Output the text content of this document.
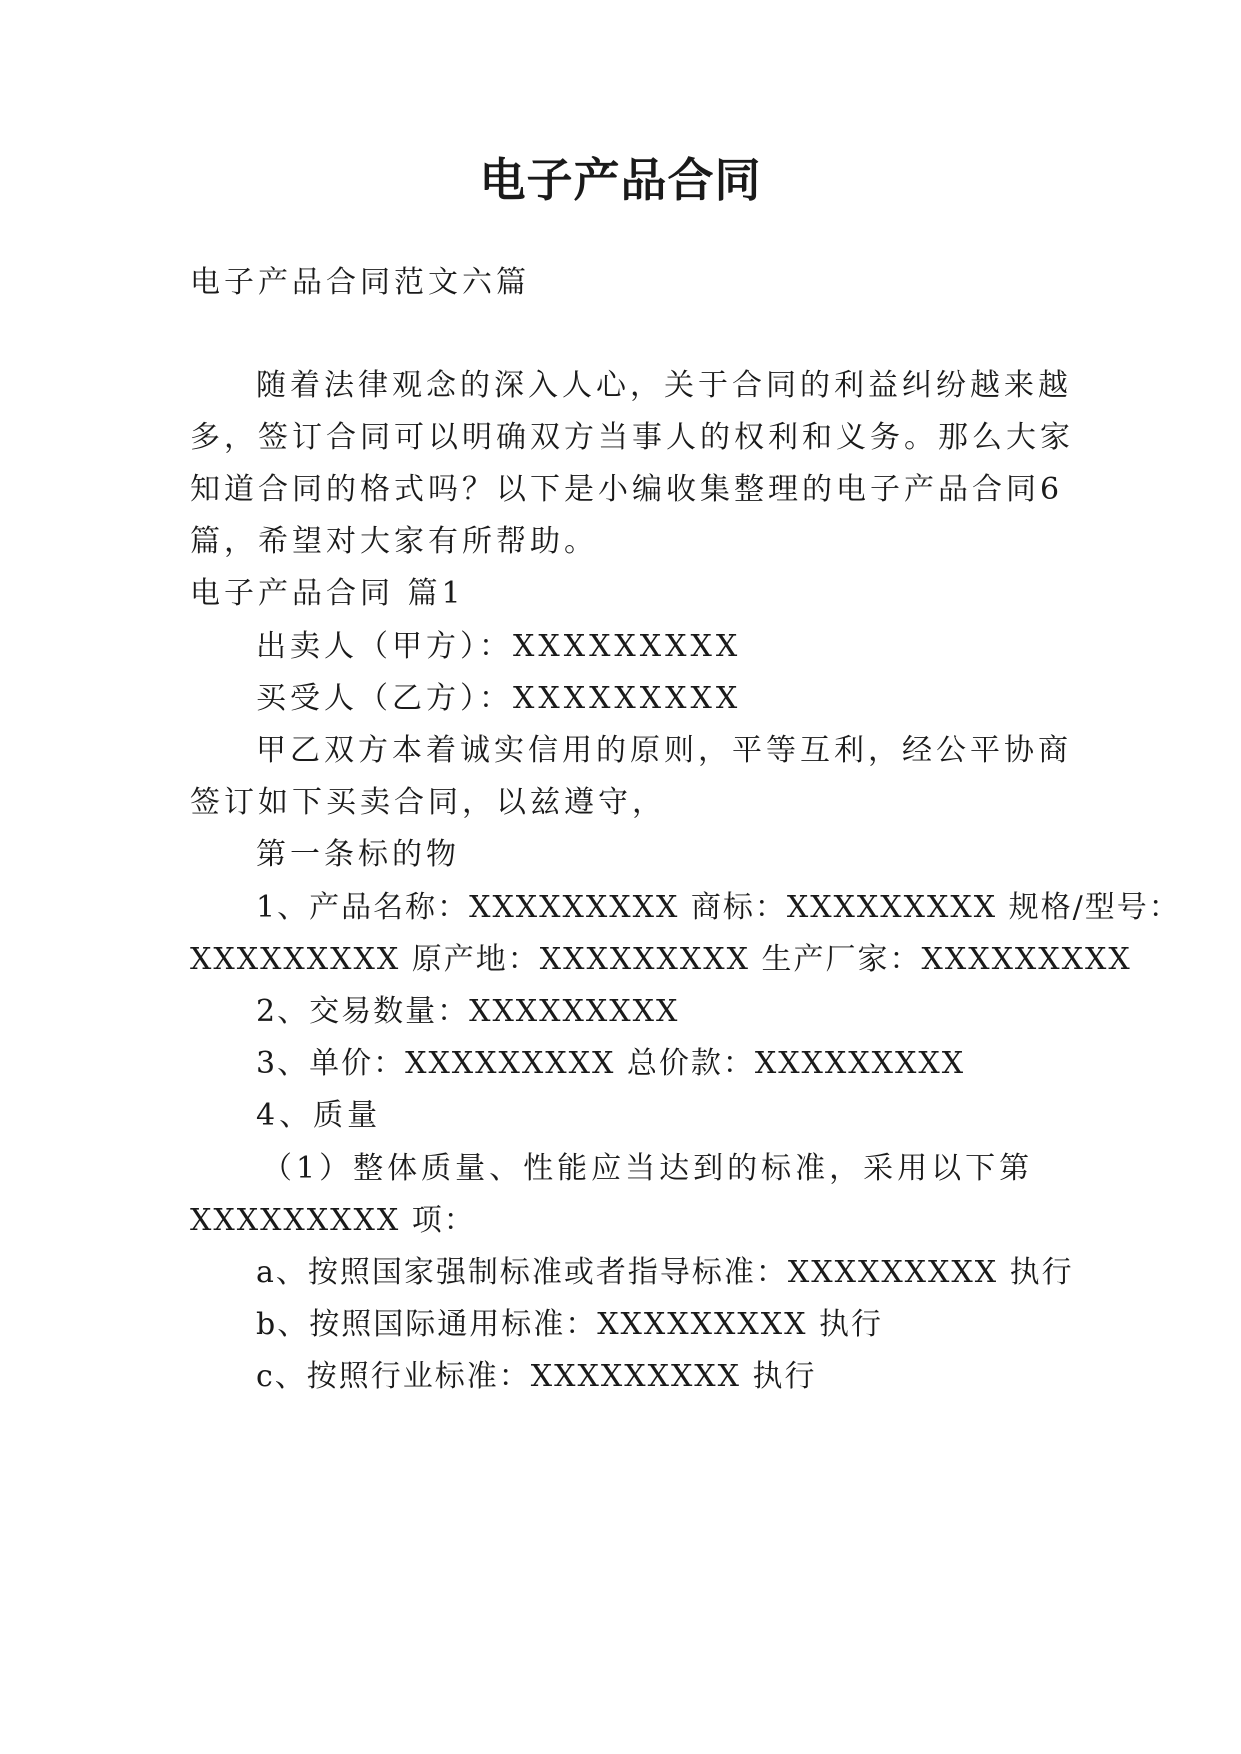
电子产品合同
电子产品合同范文六篇
随着法律观念的深入人心，关于合同的利益纠纷越来越
多，签订合同可以明确双方当事人的权利和义务。那么大家
知道合同的格式吗？以下是小编收集整理的电子产品合同6
篇，希望对大家有所帮助。
电子产品合同 篇1
出卖人（甲方）：XXXXXXXXX
买受人（乙方）：XXXXXXXXX
甲乙双方本着诚实信用的原则，平等互利，经公平协商
签订如下买卖合同，以兹遵守，
第一条标的物
1、产品名称：XXXXXXXXX 商标：XXXXXXXXX 规格/型号：
XXXXXXXXX 原产地：XXXXXXXXX 生产厂家：XXXXXXXXX
2、交易数量：XXXXXXXXX
3、单价：XXXXXXXXX 总价款：XXXXXXXXX
4、质量
（1）整体质量、性能应当达到的标准，采用以下第
XXXXXXXXX 项：
a、按照国家强制标准或者指导标准：XXXXXXXXX 执行
b、按照国际通用标准：XXXXXXXXX 执行
c、按照行业标准：XXXXXXXXX 执行
